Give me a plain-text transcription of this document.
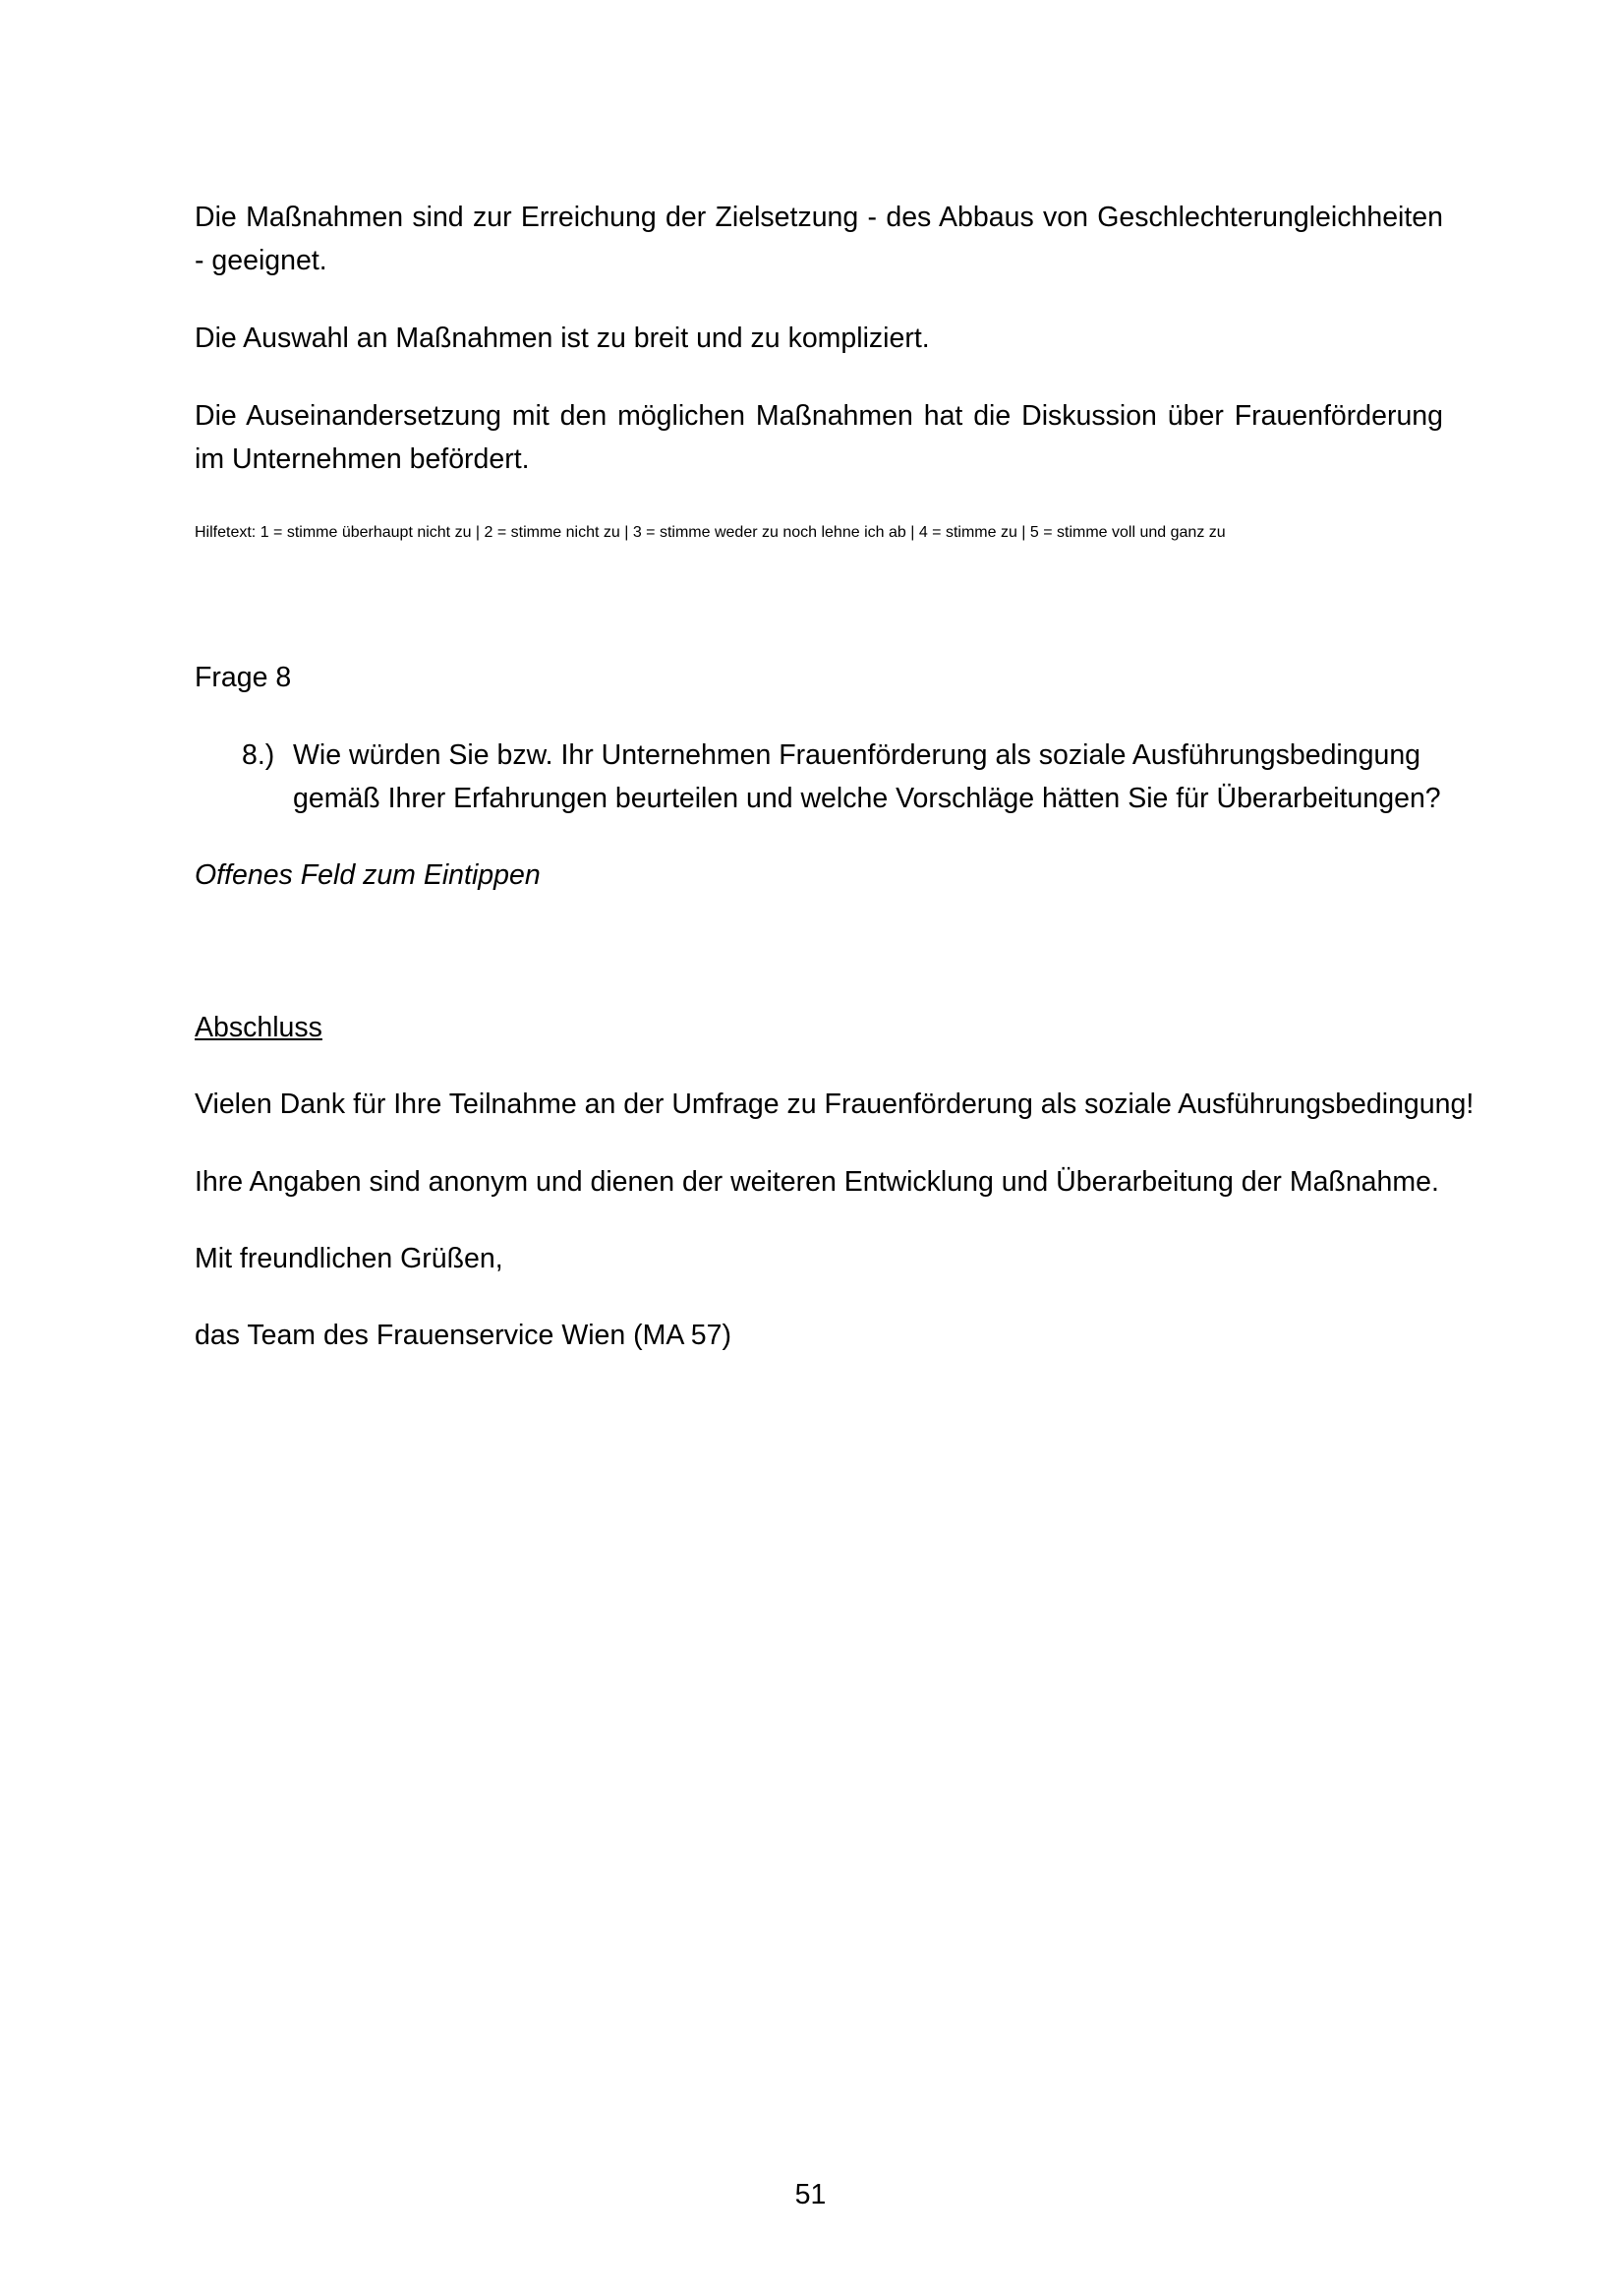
Die Maßnahmen sind zur Erreichung der Zielsetzung - des Abbaus von Geschlechterungleichheiten - geeignet.

Die Auswahl an Maßnahmen ist zu breit und zu kompliziert.

Die Auseinandersetzung mit den möglichen Maßnahmen hat die Diskussion über Frauenförderung im Unternehmen befördert.

Hilfetext: 1 = stimme überhaupt nicht zu | 2 = stimme nicht zu | 3 = stimme weder zu noch lehne ich ab | 4 = stimme zu | 5 = stimme voll und ganz zu

Frage 8

8.) Wie würden Sie bzw. Ihr Unternehmen Frauenförderung als soziale Ausführungsbedingung gemäß Ihrer Erfahrungen beurteilen und welche Vorschläge hätten Sie für Überarbeitungen?

Offenes Feld zum Eintippen

Abschluss

Vielen Dank für Ihre Teilnahme an der Umfrage zu Frauenförderung als soziale Ausführungsbedingung!

Ihre Angaben sind anonym und dienen der weiteren Entwicklung und Überarbeitung der Maßnahme.

Mit freundlichen Grüßen,

das Team des Frauenservice Wien (MA 57)

51
